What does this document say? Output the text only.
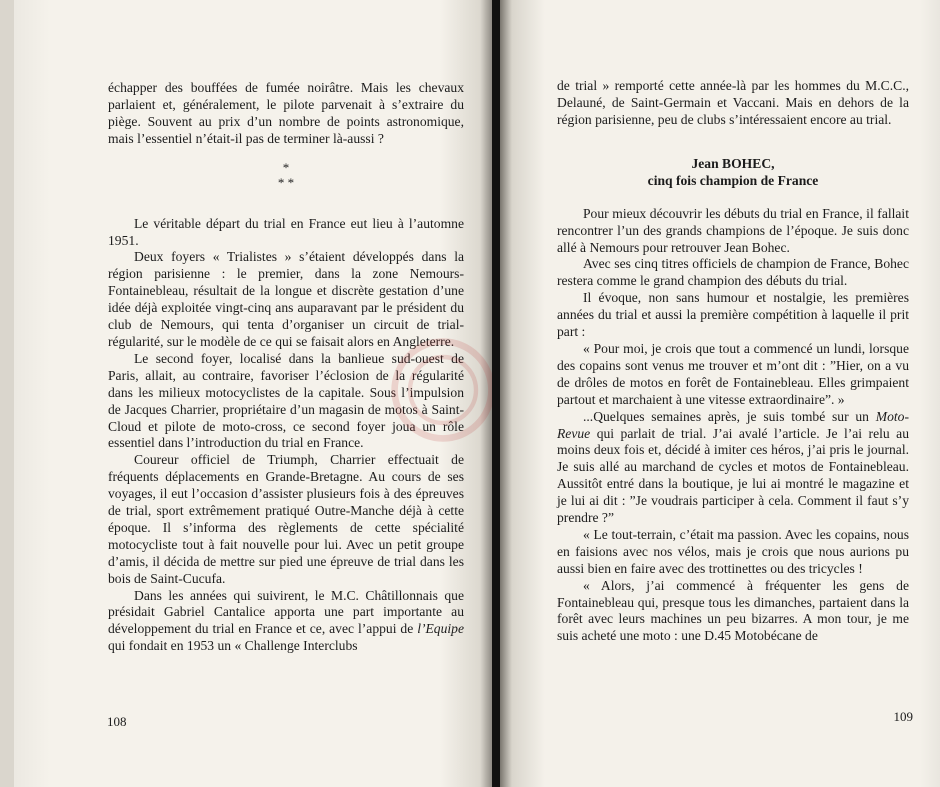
échapper des bouffées de fumée noirâtre. Mais les chevaux parlaient et, généralement, le pilote parvenait à s’extraire du piège. Souvent au prix d’un nombre de points astronomique, mais l’essentiel n’était-il pas de terminer là-aussi ?

*
* *

Le véritable départ du trial en France eut lieu à l’automne 1951.

Deux foyers « Trialistes » s’étaient développés dans la région parisienne : le premier, dans la zone Nemours-Fontainebleau, résultait de la longue et discrète gestation d’une idée déjà exploitée vingt-cinq ans auparavant par le président du club de Nemours, qui tenta d’organiser un circuit de trial-régularité, sur le modèle de ce qui se faisait alors en Angleterre.

Le second foyer, localisé dans la banlieue sud-ouest de Paris, allait, au contraire, favoriser l’éclosion de la régularité dans les milieux motocyclistes de la capitale. Sous l’impulsion de Jacques Charrier, propriétaire d’un magasin de motos à Saint-Cloud et pilote de moto-cross, ce second foyer joua un rôle essentiel dans l’introduction du trial en France.

Coureur officiel de Triumph, Charrier effectuait de fréquents déplacements en Grande-Bretagne. Au cours de ses voyages, il eut l’occasion d’assister plusieurs fois à des épreuves de trial, sport extrêmement pratiqué Outre-Manche déjà à cette époque. Il s’informa des règlements de cette spécialité motocycliste tout à fait nouvelle pour lui. Avec un petit groupe d’amis, il décida de mettre sur pied une épreuve de trial dans les bois de Saint-Cucufa.

Dans les années qui suivirent, le M.C. Châtillonnais que présidait Gabriel Cantalice apporta une part importante au développement du trial en France et ce, avec l’appui de l’Equipe qui fondait en 1953 un « Challenge Interclubs

108

de trial » remporté cette année-là par les hommes du M.C.C., Delauné, de Saint-Germain et Vaccani. Mais en dehors de la région parisienne, peu de clubs s’intéressaient encore au trial.

Jean BOHEC,
cinq fois champion de France

Pour mieux découvrir les débuts du trial en France, il fallait rencontrer l’un des grands champions de l’époque. Je suis donc allé à Nemours pour retrouver Jean Bohec.

Avec ses cinq titres officiels de champion de France, Bohec restera comme le grand champion des débuts du trial.

Il évoque, non sans humour et nostalgie, les premières années du trial et aussi la première compétition à laquelle il prit part :

« Pour moi, je crois que tout a commencé un lundi, lorsque des copains sont venus me trouver et m’ont dit : ”Hier, on a vu de drôles de motos en forêt de Fontainebleau. Elles grimpaient partout et marchaient à une vitesse extraordinaire”. »

...Quelques semaines après, je suis tombé sur un Moto-Revue qui parlait de trial. J’ai avalé l’article. Je l’ai relu au moins deux fois et, décidé à imiter ces héros, j’ai pris le journal. Je suis allé au marchand de cycles et motos de Fontainebleau. Aussitôt entré dans la boutique, je lui ai montré le magazine et je lui ai dit : ”Je voudrais participer à cela. Comment il faut s’y prendre ?”

« Le tout-terrain, c’était ma passion. Avec les copains, nous en faisions avec nos vélos, mais je crois que nous aurions pu aussi bien en faire avec des trottinettes ou des tricycles !

« Alors, j’ai commencé à fréquenter les gens de Fontainebleau qui, presque tous les dimanches, partaient dans la forêt avec leurs machines un peu bizarres. A mon tour, je me suis acheté une moto : une D.45 Motobécane de

109
